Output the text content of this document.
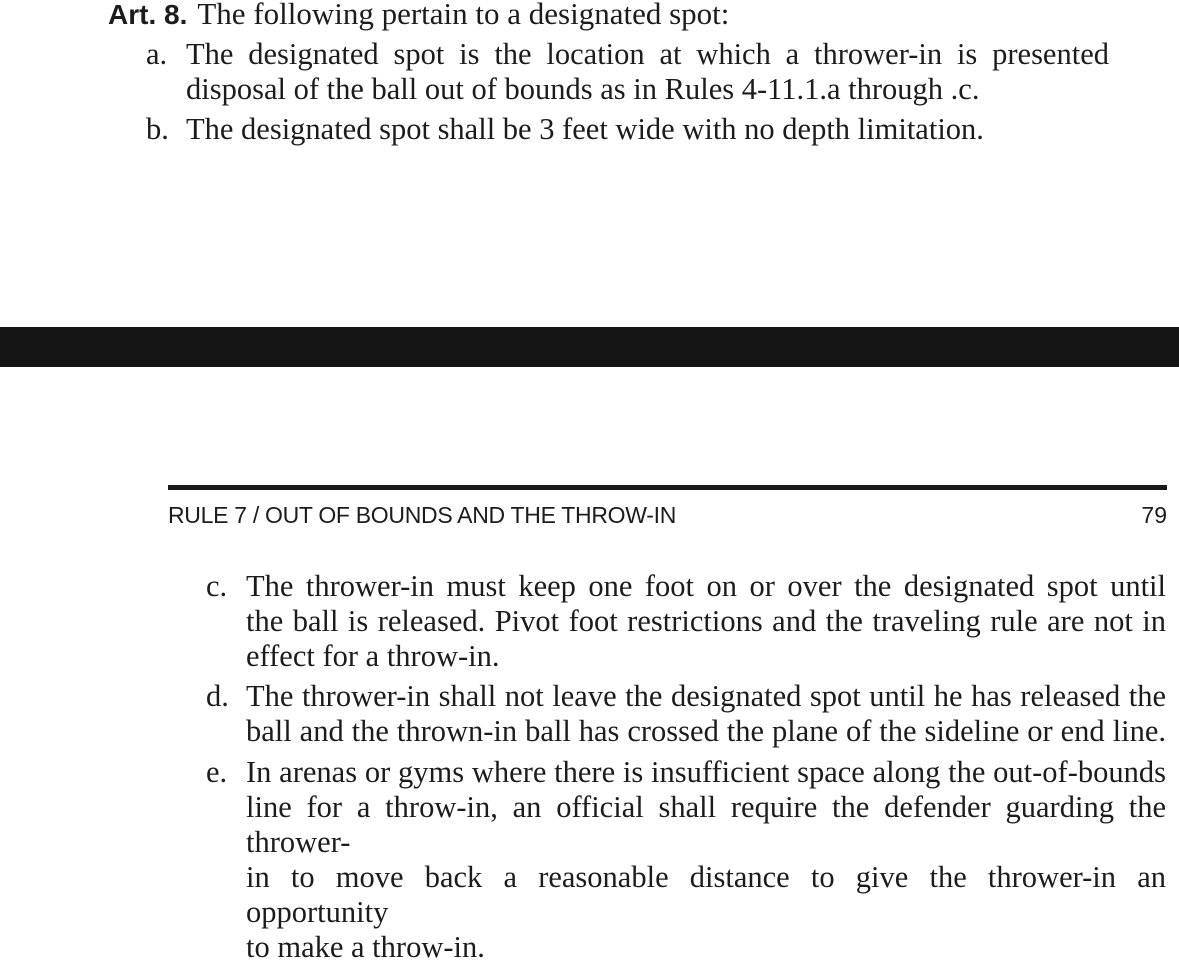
Art. 8. The following pertain to a designated spot:
a. The designated spot is the location at which a thrower-in is presented
disposal of the ball out of bounds as in Rules 4-11.1.a through .c.
b. The designated spot shall be 3 feet wide with no depth limitation.
RULE 7 / OUT OF BOUNDS AND THE THROW-IN	79
c. The thrower-in must keep one foot on or over the designated spot until
the ball is released. Pivot foot restrictions and the traveling rule are not in
effect for a throw-in.
d. The thrower-in shall not leave the designated spot until he has released the
ball and the thrown-in ball has crossed the plane of the sideline or end line.
e. In arenas or gyms where there is insufficient space along the out-of-bounds
line for a throw-in, an official shall require the defender guarding the thrower-
in to move back a reasonable distance to give the thrower-in an opportunity
to make a throw-in.
